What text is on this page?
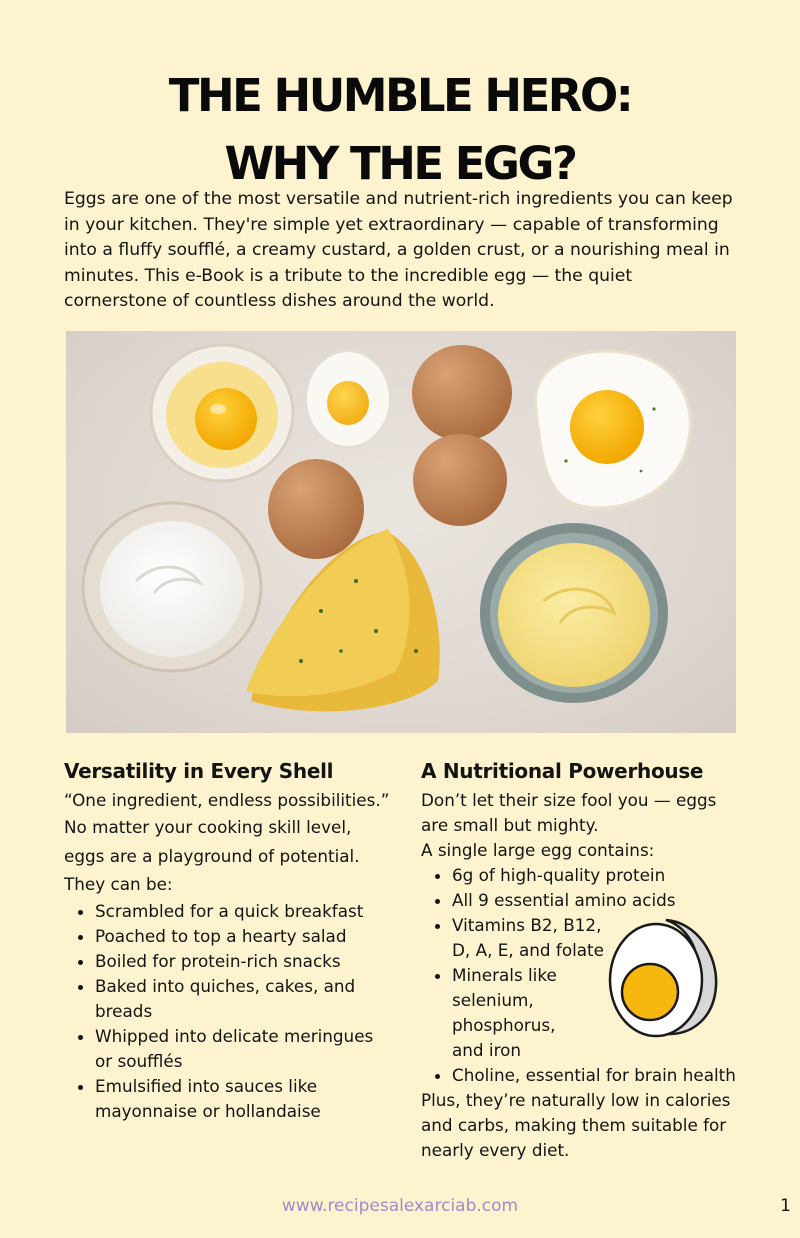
THE HUMBLE HERO:
WHY THE EGG?

Eggs are one of the most versatile and nutrient-rich ingredients you can keep in your kitchen. They're simple yet extraordinary — capable of transforming into a fluffy soufflé, a creamy custard, a golden crust, or a nourishing meal in minutes. This e-Book is a tribute to the incredible egg — the quiet cornerstone of countless dishes around the world.

Versatility in Every Shell

“One ingredient, endless possibilities.”

No matter your cooking skill level, eggs are a playground of potential. They can be:

• Scrambled for a quick breakfast
• Poached to top a hearty salad
• Boiled for protein-rich snacks
• Baked into quiches, cakes, and breads
• Whipped into delicate meringues or soufflés
• Emulsified into sauces like mayonnaise or hollandaise
A Nutritional Powerhouse

Don’t let their size fool you — eggs are small but mighty.

A single large egg contains:

• 6g of high-quality protein
• All 9 essential amino acids
• Vitamins B2, B12, D, A, E, and folate
• Minerals like selenium, phosphorus, and iron
• Choline, essential for brain health

Plus, they’re naturally low in calories and carbs, making them suitable for nearly every diet.

www.recipesalexarciab.com	1
